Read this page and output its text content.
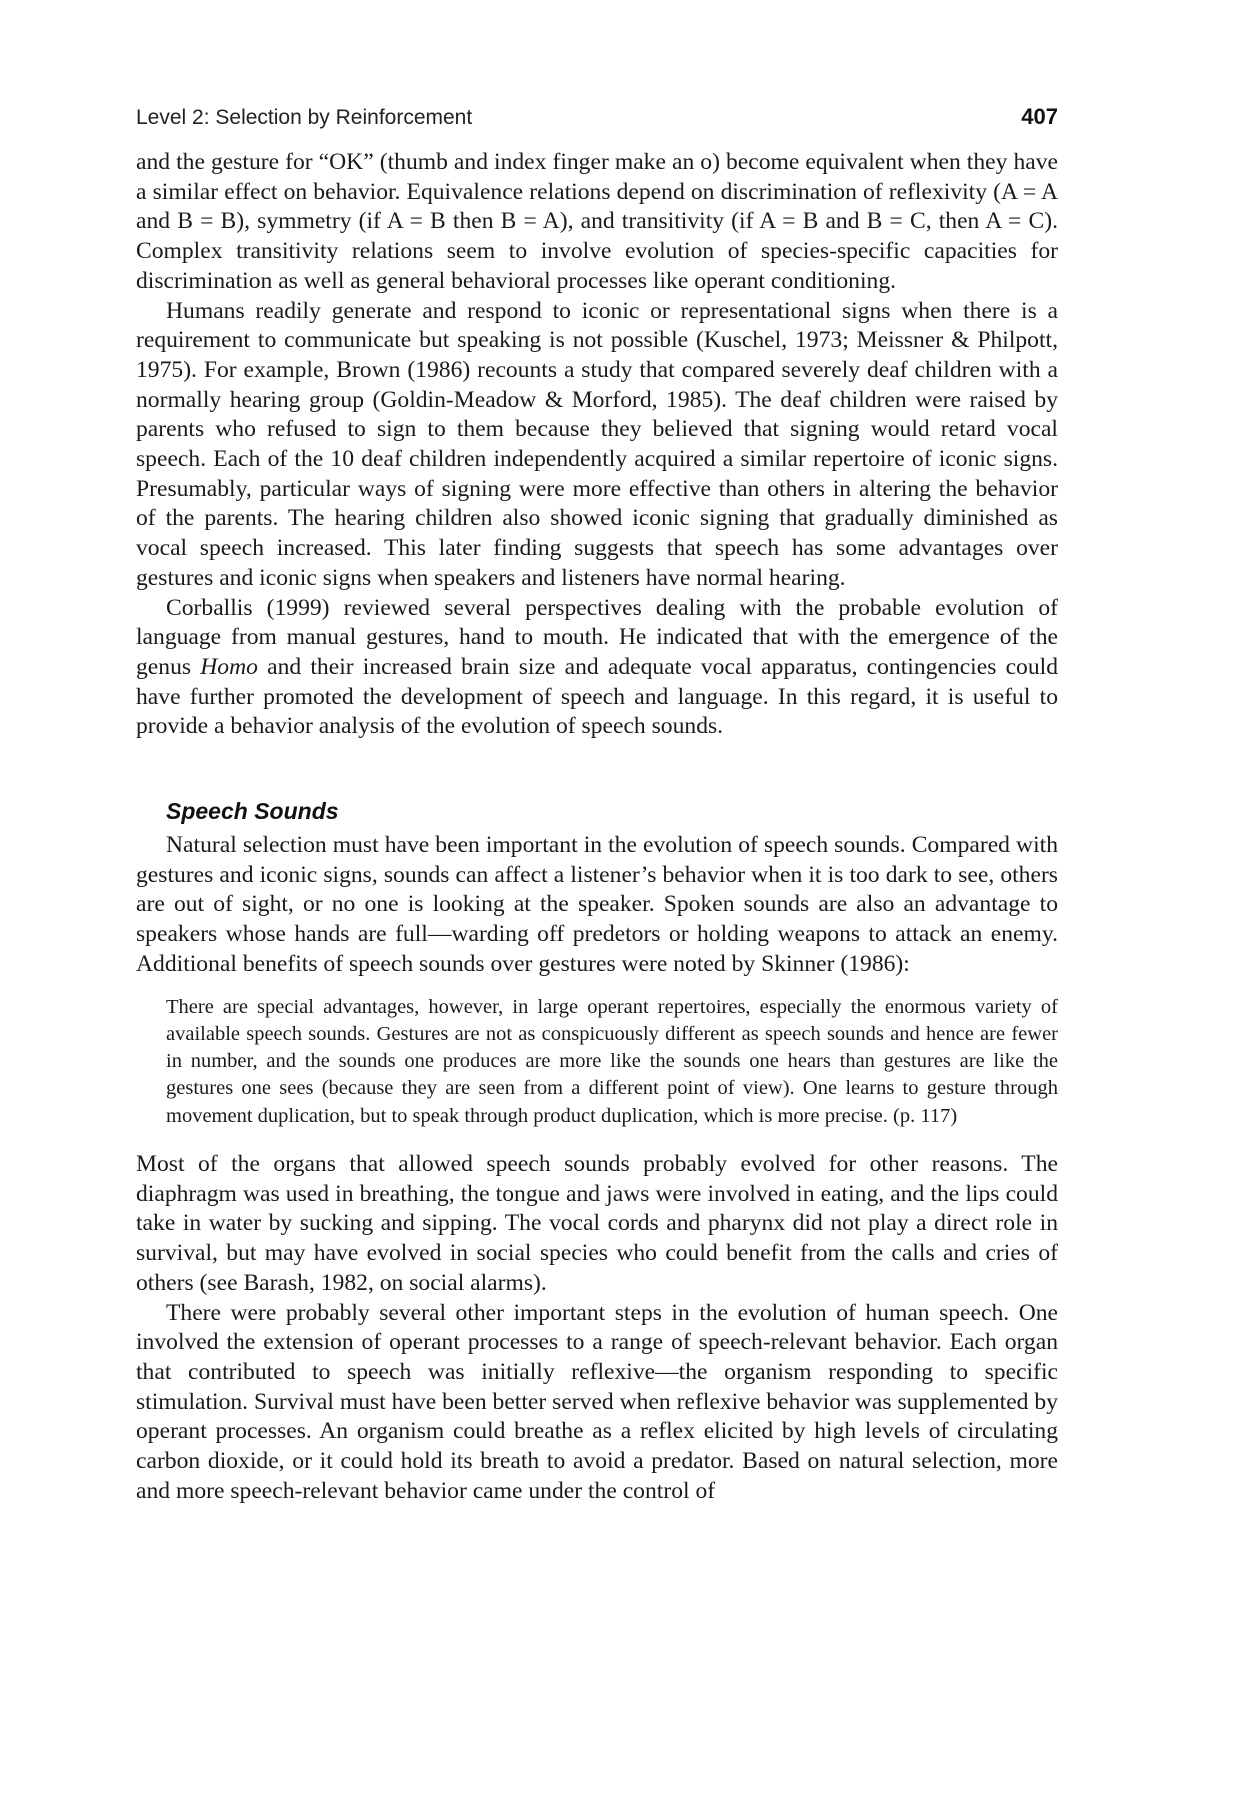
Level 2: Selection by Reinforcement	407

and the gesture for “OK” (thumb and index finger make an o) become equivalent when they have a similar effect on behavior. Equivalence relations depend on discrimination of reflexivity (A = A and B = B), symmetry (if A = B then B = A), and transitivity (if A = B and B = C, then A = C). Complex transitivity relations seem to involve evolution of species-specific capacities for discrimination as well as general behavioral processes like operant conditioning.

Humans readily generate and respond to iconic or representational signs when there is a requirement to communicate but speaking is not possible (Kuschel, 1973; Meissner & Philpott, 1975). For example, Brown (1986) recounts a study that compared severely deaf children with a normally hearing group (Goldin-Meadow & Morford, 1985). The deaf children were raised by parents who refused to sign to them because they believed that signing would retard vocal speech. Each of the 10 deaf children independently acquired a similar repertoire of iconic signs. Presumably, particular ways of signing were more effective than others in altering the behavior of the parents. The hearing children also showed iconic signing that gradually diminished as vocal speech increased. This later finding suggests that speech has some advantages over gestures and iconic signs when speakers and listeners have normal hearing.

Corballis (1999) reviewed several perspectives dealing with the probable evolution of language from manual gestures, hand to mouth. He indicated that with the emergence of the genus Homo and their increased brain size and adequate vocal apparatus, contingencies could have further promoted the development of speech and language. In this regard, it is useful to provide a behavior analysis of the evolution of speech sounds.

Speech Sounds

Natural selection must have been important in the evolution of speech sounds. Compared with gestures and iconic signs, sounds can affect a listener’s behavior when it is too dark to see, others are out of sight, or no one is looking at the speaker. Spoken sounds are also an advantage to speakers whose hands are full—warding off predetors or holding weapons to attack an enemy. Additional benefits of speech sounds over gestures were noted by Skinner (1986):

There are special advantages, however, in large operant repertoires, especially the enormous variety of available speech sounds. Gestures are not as conspicuously different as speech sounds and hence are fewer in number, and the sounds one produces are more like the sounds one hears than gestures are like the gestures one sees (because they are seen from a different point of view). One learns to gesture through movement duplication, but to speak through product duplication, which is more precise. (p. 117)

Most of the organs that allowed speech sounds probably evolved for other reasons. The diaphragm was used in breathing, the tongue and jaws were involved in eating, and the lips could take in water by sucking and sipping. The vocal cords and pharynx did not play a direct role in survival, but may have evolved in social species who could benefit from the calls and cries of others (see Barash, 1982, on social alarms).

There were probably several other important steps in the evolution of human speech. One involved the extension of operant processes to a range of speech-relevant behavior. Each organ that contributed to speech was initially reflexive—the organism responding to specific stimulation. Survival must have been better served when reflexive behavior was supplemented by operant processes. An organism could breathe as a reflex elicited by high levels of circulating carbon dioxide, or it could hold its breath to avoid a predator. Based on natural selection, more and more speech-relevant behavior came under the control of
